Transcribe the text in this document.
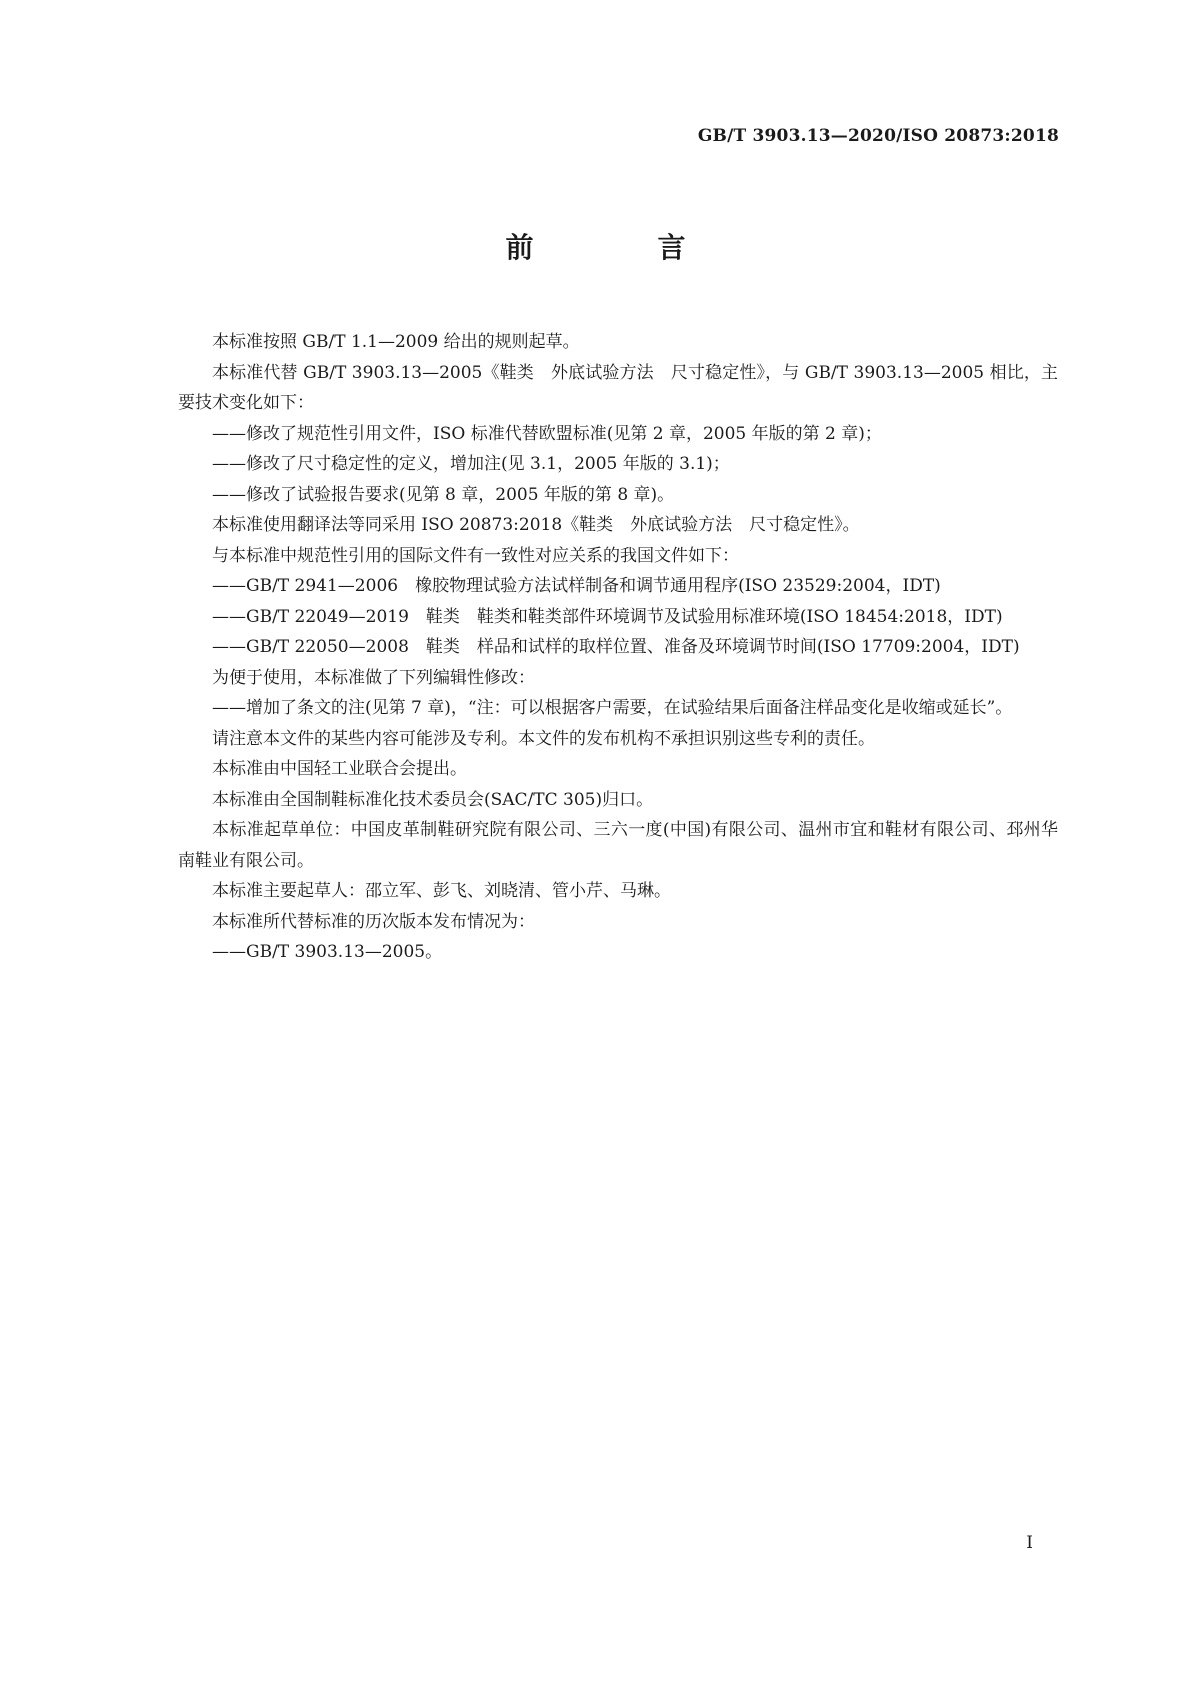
GB/T 3903.13—2020/ISO 20873:2018
前　言

本标准按照 GB/T 1.1—2009 给出的规则起草。

本标准代替 GB/T 3903.13—2005《鞋类　外底试验方法　尺寸稳定性》，与 GB/T 3903.13—2005 相比，主要技术变化如下：

——修改了规范性引用文件，ISO 标准代替欧盟标准(见第 2 章，2005 年版的第 2 章)；

——修改了尺寸稳定性的定义，增加注(见 3.1，2005 年版的 3.1)；

——修改了试验报告要求(见第 8 章，2005 年版的第 8 章)。

本标准使用翻译法等同采用 ISO 20873:2018《鞋类　外底试验方法　尺寸稳定性》。

与本标准中规范性引用的国际文件有一致性对应关系的我国文件如下：

——GB/T 2941—2006　橡胶物理试验方法试样制备和调节通用程序(ISO 23529:2004，IDT)

——GB/T 22049—2019　鞋类　鞋类和鞋类部件环境调节及试验用标准环境(ISO 18454:2018，IDT)

——GB/T 22050—2008　鞋类　样品和试样的取样位置、准备及环境调节时间(ISO 17709:2004，IDT)

为便于使用，本标准做了下列编辑性修改：

——增加了条文的注(见第 7 章)，“注：可以根据客户需要，在试验结果后面备注样品变化是收缩或延长”。

请注意本文件的某些内容可能涉及专利。本文件的发布机构不承担识别这些专利的责任。

本标准由中国轻工业联合会提出。

本标准由全国制鞋标准化技术委员会(SAC/TC 305)归口。

本标准起草单位：中国皮革制鞋研究院有限公司、三六一度(中国)有限公司、温州市宜和鞋材有限公司、邳州华南鞋业有限公司。

本标准主要起草人：邵立军、彭飞、刘晓清、管小芹、马琳。

本标准所代替标准的历次版本发布情况为：

——GB/T 3903.13—2005。

I
